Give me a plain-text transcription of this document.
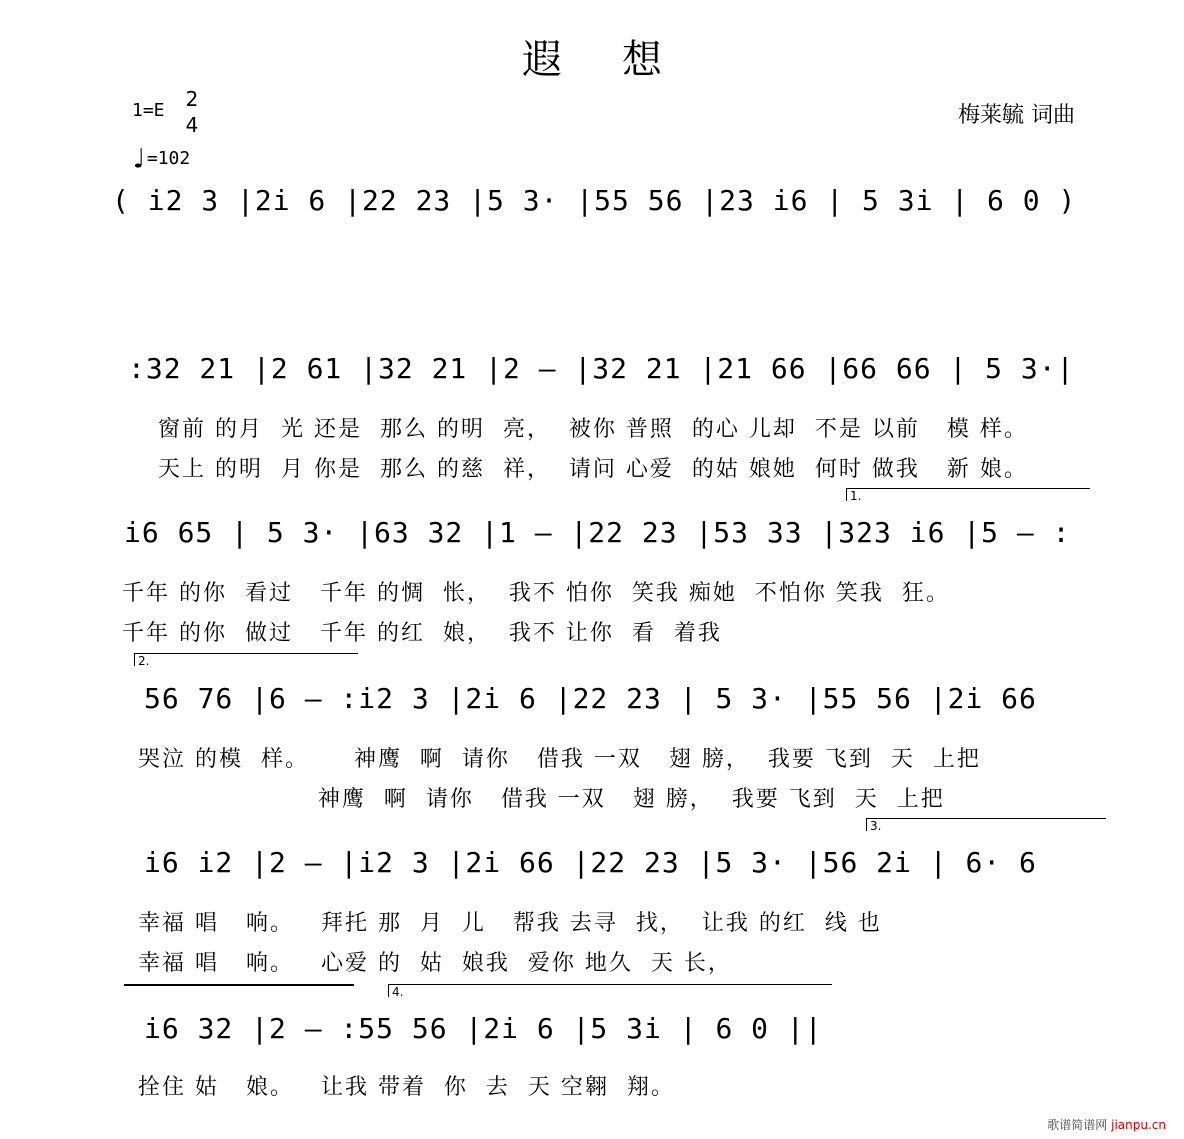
遐想
1=E 2
4
♩=102
梅莱毓 词曲
( i2 3 |2i 6 |22 23 |5 3· |55 56 |23 i6 | 5 3i | 6 0 )
:32 21 |2 61 |32 21 |2 – |32 21 |21 66 |66 66 | 5 3·|
窗前 的月  光 还是  那么 的明  亮，  被你 普照  的心 儿却  不是 以前   模 样。
天上 的明  月 你是  那么 的慈  祥，  请问 心爱  的姑 娘她  何时 做我   新 娘。
1.
i6 65 | 5 3· |63 32 |1 – |22 23 |53 33 |323 i6 |5 – :
千年 的你  看过   千年 的惆  怅，  我不 怕你  笑我 痴她  不怕你 笑我  狂。
千年 的你  做过   千年 的红  娘，  我不 让你  看  着我
2.
56 76 |6 – :i2 3 |2i 6 |22 23 | 5 3· |55 56 |2i 66
哭泣 的模  样。     神鹰  啊  请你   借我 一双   翅 膀，  我要 飞到  天  上把
神鹰  啊  请你   借我 一双   翅 膀，  我要 飞到  天  上把
3.
i6 i2 |2 – |i2 3 |2i 66 |22 23 |5 3· |56 2i | 6· 6
幸福 唱   响。   拜托 那  月  儿   帮我 去寻  找，  让我 的红  线 也
幸福 唱   响。   心爱 的  姑  娘我  爱你 地久  天 长，
4.
i6 32 |2 – :55 56 |2i 6 |5 3i | 6 0 ||
拴住 姑   娘。   让我 带着  你  去  天 空翱  翔。
歌谱简谱网 jianpu.cn
